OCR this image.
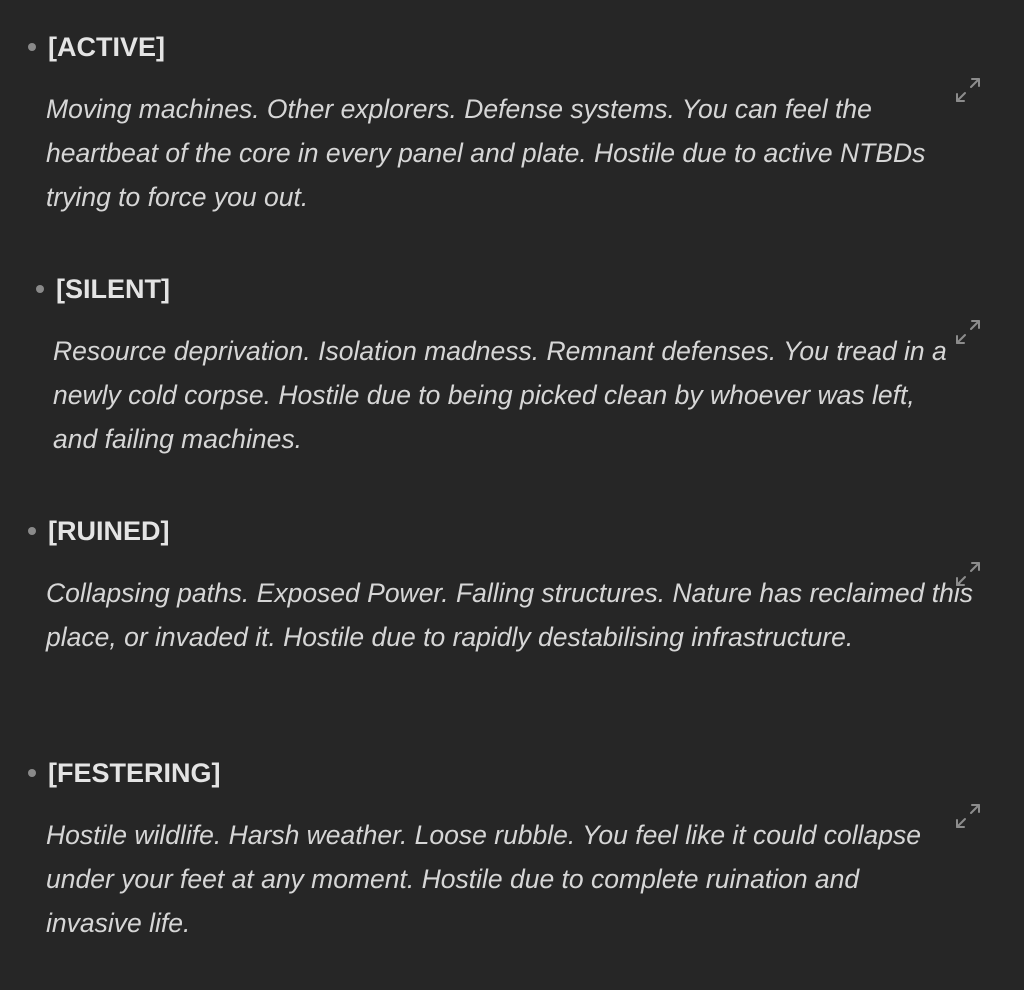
[ACTIVE]
Moving machines. Other explorers. Defense systems. You can feel the heartbeat of the core in every panel and plate. Hostile due to active NTBDs trying to force you out.
[SILENT]
Resource deprivation. Isolation madness. Remnant defenses. You tread in a newly cold corpse. Hostile due to being picked clean by whoever was left, and failing machines.
[RUINED]
Collapsing paths. Exposed Power. Falling structures. Nature has reclaimed this place, or invaded it. Hostile due to rapidly destabilising infrastructure.
[FESTERING]
Hostile wildlife. Harsh weather. Loose rubble. You feel like it could collapse under your feet at any moment. Hostile due to complete ruination and invasive life.
